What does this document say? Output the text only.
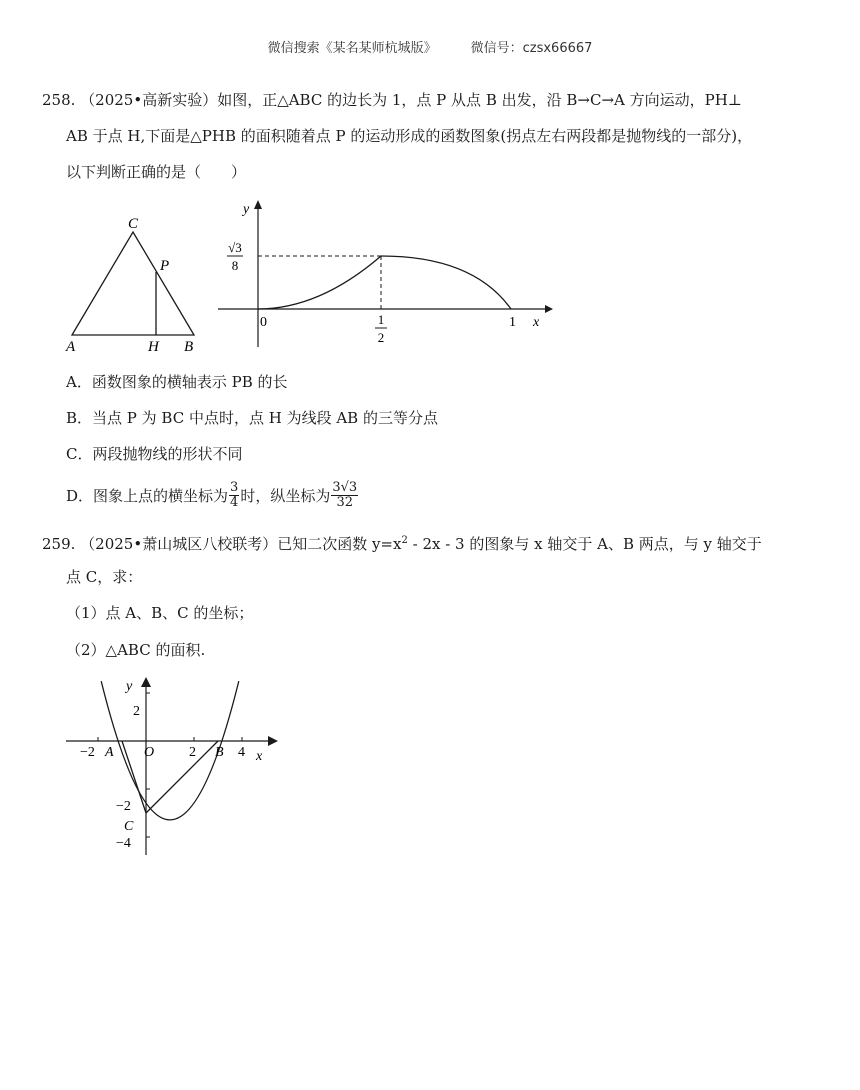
微信搜索《某名某师杭城版》	微信号：czsx66667
258. （2025•高新实验）如图，正△ABC 的边长为 1，点 P 从点 B 出发，沿 B→C→A 方向运动，PH⊥
AB 于点 H,下面是△PHB 的面积随着点 P 的运动形成的函数图象(拐点左右两段都是抛物线的一部分)，
以下判断正确的是（　　）
C
P
A	H B
y
x
0
√3
8
1
2
1
A．函数图象的横轴表示 PB 的长
B．当点 P 为 BC 中点时，点 H 为线段 AB 的三等分点
C．两段抛物线的形状不同
D．图象上点的横坐标为 $\frac{3}{4}$ 时，纵坐标为 $\frac{3√3}{32}$
259. （2025•萧山城区八校联考）已知二次函数 $y=x^2 - 2x - 3$ 的图象与 x 轴交于 A、B 两点，与 y 轴交于
点 C，求：
（1）点 A、B、C 的坐标；
（2）△ABC 的面积.
y
x
O
A	B
C
−2	2	4
2
−2
−4
